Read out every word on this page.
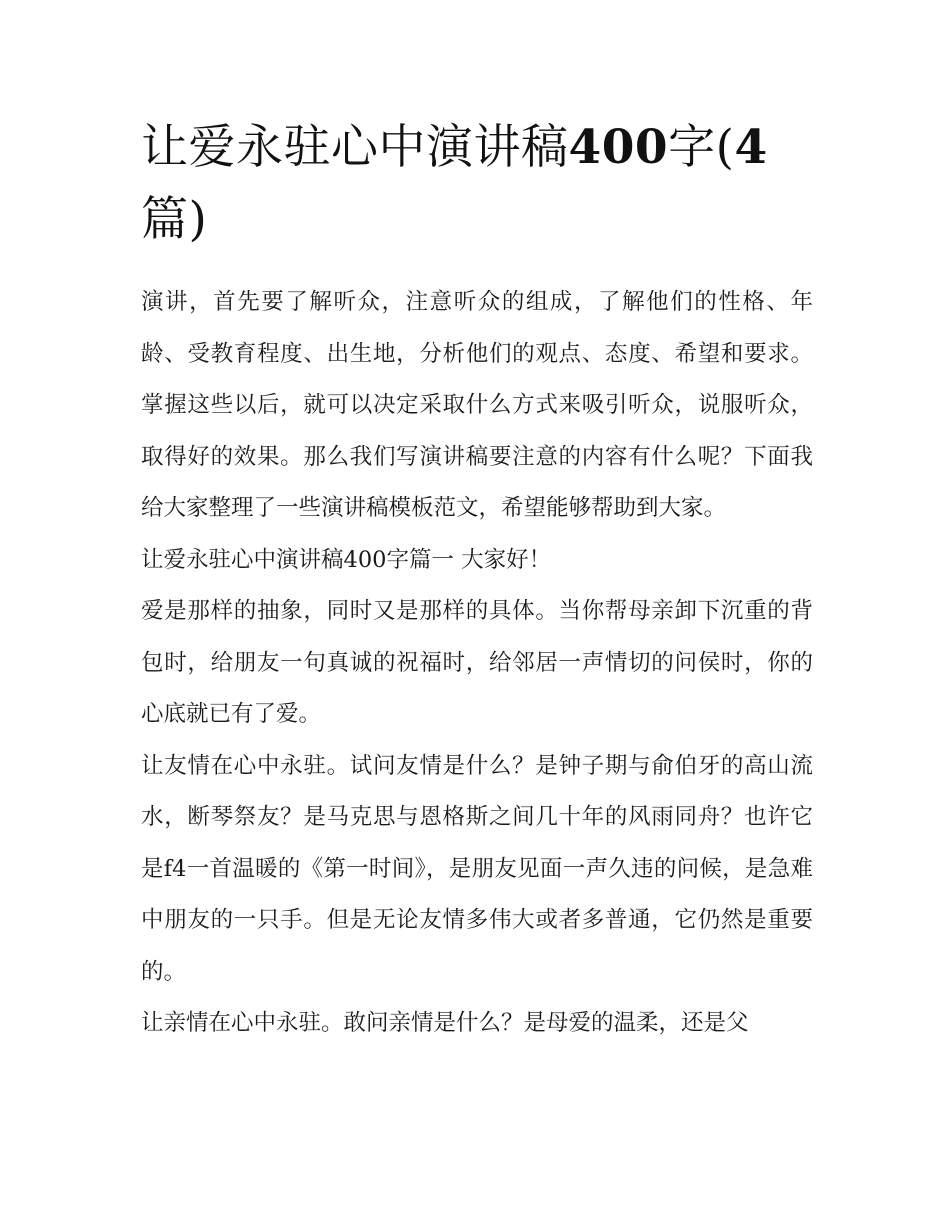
让爱永驻心中演讲稿400字(4篇)

演讲，首先要了解听众，注意听众的组成，了解他们的性格、年龄、受教育程度、出生地，分析他们的观点、态度、希望和要求。掌握这些以后，就可以决定采取什么方式来吸引听众，说服听众，取得好的效果。那么我们写演讲稿要注意的内容有什么呢？下面我给大家整理了一些演讲稿模板范文，希望能够帮助到大家。

让爱永驻心中演讲稿400字篇一 大家好！

爱是那样的抽象，同时又是那样的具体。当你帮母亲卸下沉重的背包时，给朋友一句真诚的祝福时，给邻居一声情切的问侯时，你的心底就已有了爱。

让友情在心中永驻。试问友情是什么？是钟子期与俞伯牙的高山流水，断琴祭友？是马克思与恩格斯之间几十年的风雨同舟？也许它是f4一首温暖的《第一时间》，是朋友见面一声久违的问候，是急难中朋友的一只手。但是无论友情多伟大或者多普通，它仍然是重要的。

让亲情在心中永驻。敢问亲情是什么？是母爱的温柔，还是父
